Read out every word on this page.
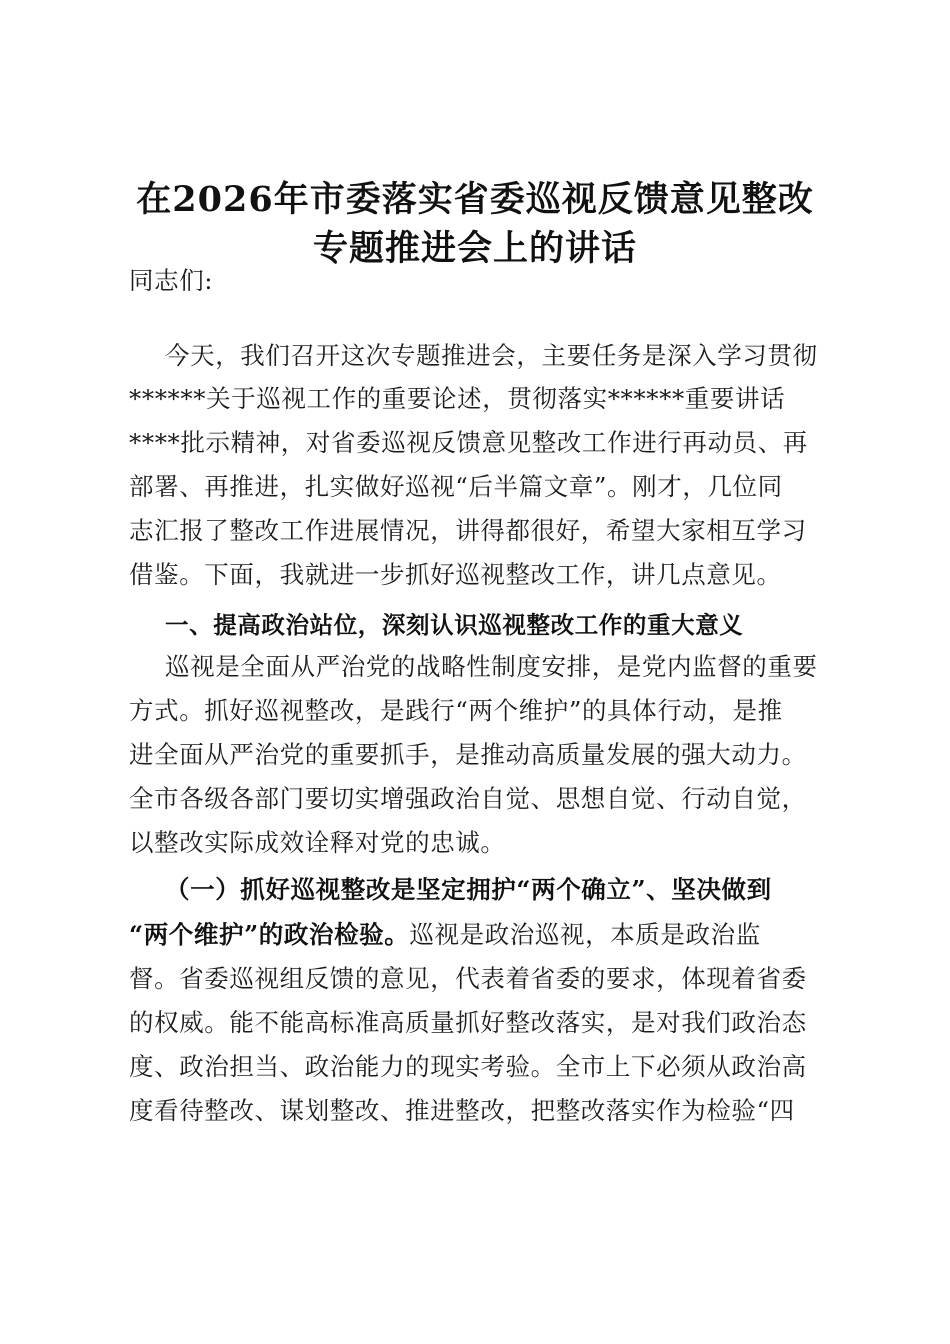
在2026年市委落实省委巡视反馈意见整改
专题推进会上的讲话
同志们:
今天，我们召开这次专题推进会，主要任务是深入学习贯彻
******关于巡视工作的重要论述，贯彻落实******重要讲话
****批示精神，对省委巡视反馈意见整改工作进行再动员、再
部署、再推进，扎实做好巡视“后半篇文章”。刚才，几位同
志汇报了整改工作进展情况，讲得都很好，希望大家相互学习
借鉴。下面，我就进一步抓好巡视整改工作，讲几点意见。
一、提高政治站位，深刻认识巡视整改工作的重大意义
巡视是全面从严治党的战略性制度安排，是党内监督的重要
方式。抓好巡视整改，是践行“两个维护”的具体行动，是推
进全面从严治党的重要抓手，是推动高质量发展的强大动力。
全市各级各部门要切实增强政治自觉、思想自觉、行动自觉，
以整改实际成效诠释对党的忠诚。
（一）抓好巡视整改是坚定拥护“两个确立”、坚决做到
“两个维护”的政治检验。巡视是政治巡视，本质是政治监
督。省委巡视组反馈的意见，代表着省委的要求，体现着省委
的权威。能不能高标准高质量抓好整改落实，是对我们政治态
度、政治担当、政治能力的现实考验。全市上下必须从政治高
度看待整改、谋划整改、推进整改，把整改落实作为检验“四
